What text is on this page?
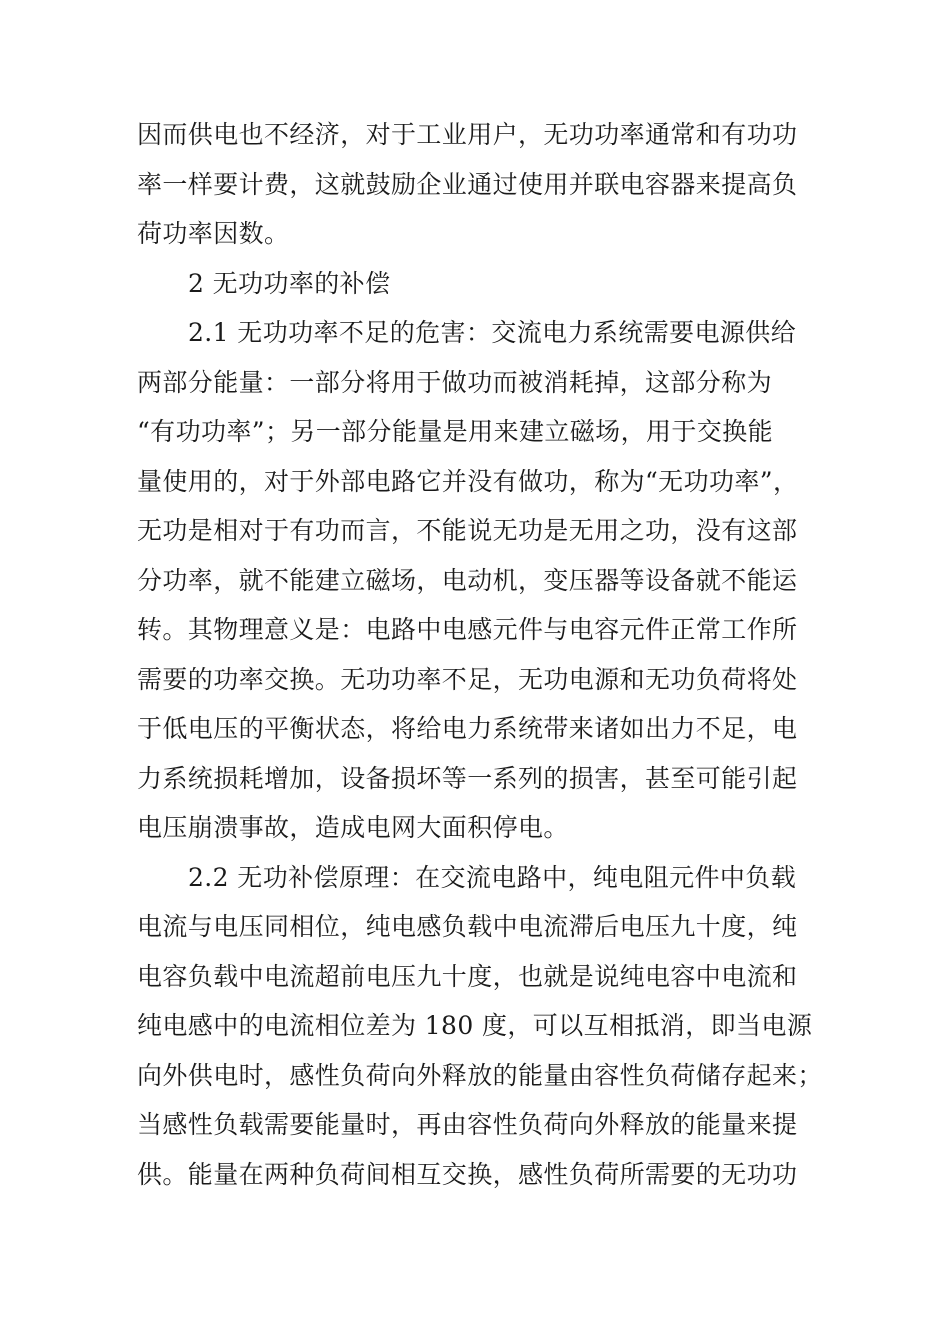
因而供电也不经济，对于工业用户，无功功率通常和有功功
率一样要计费，这就鼓励企业通过使用并联电容器来提高负
荷功率因数。
2 无功功率的补偿
2.1 无功功率不足的危害：交流电力系统需要电源供给
两部分能量：一部分将用于做功而被消耗掉，这部分称为
“有功功率”；另一部分能量是用来建立磁场，用于交换能
量使用的，对于外部电路它并没有做功，称为“无功功率”，
无功是相对于有功而言，不能说无功是无用之功，没有这部
分功率，就不能建立磁场，电动机，变压器等设备就不能运
转。其物理意义是：电路中电感元件与电容元件正常工作所
需要的功率交换。无功功率不足，无功电源和无功负荷将处
于低电压的平衡状态，将给电力系统带来诸如出力不足，电
力系统损耗增加，设备损坏等一系列的损害，甚至可能引起
电压崩溃事故，造成电网大面积停电。
2.2 无功补偿原理：在交流电路中，纯电阻元件中负载
电流与电压同相位，纯电感负载中电流滞后电压九十度，纯
电容负载中电流超前电压九十度，也就是说纯电容中电流和
纯电感中的电流相位差为 180 度，可以互相抵消，即当电源
向外供电时，感性负荷向外释放的能量由容性负荷储存起来；
当感性负载需要能量时，再由容性负荷向外释放的能量来提
供。能量在两种负荷间相互交换，感性负荷所需要的无功功
